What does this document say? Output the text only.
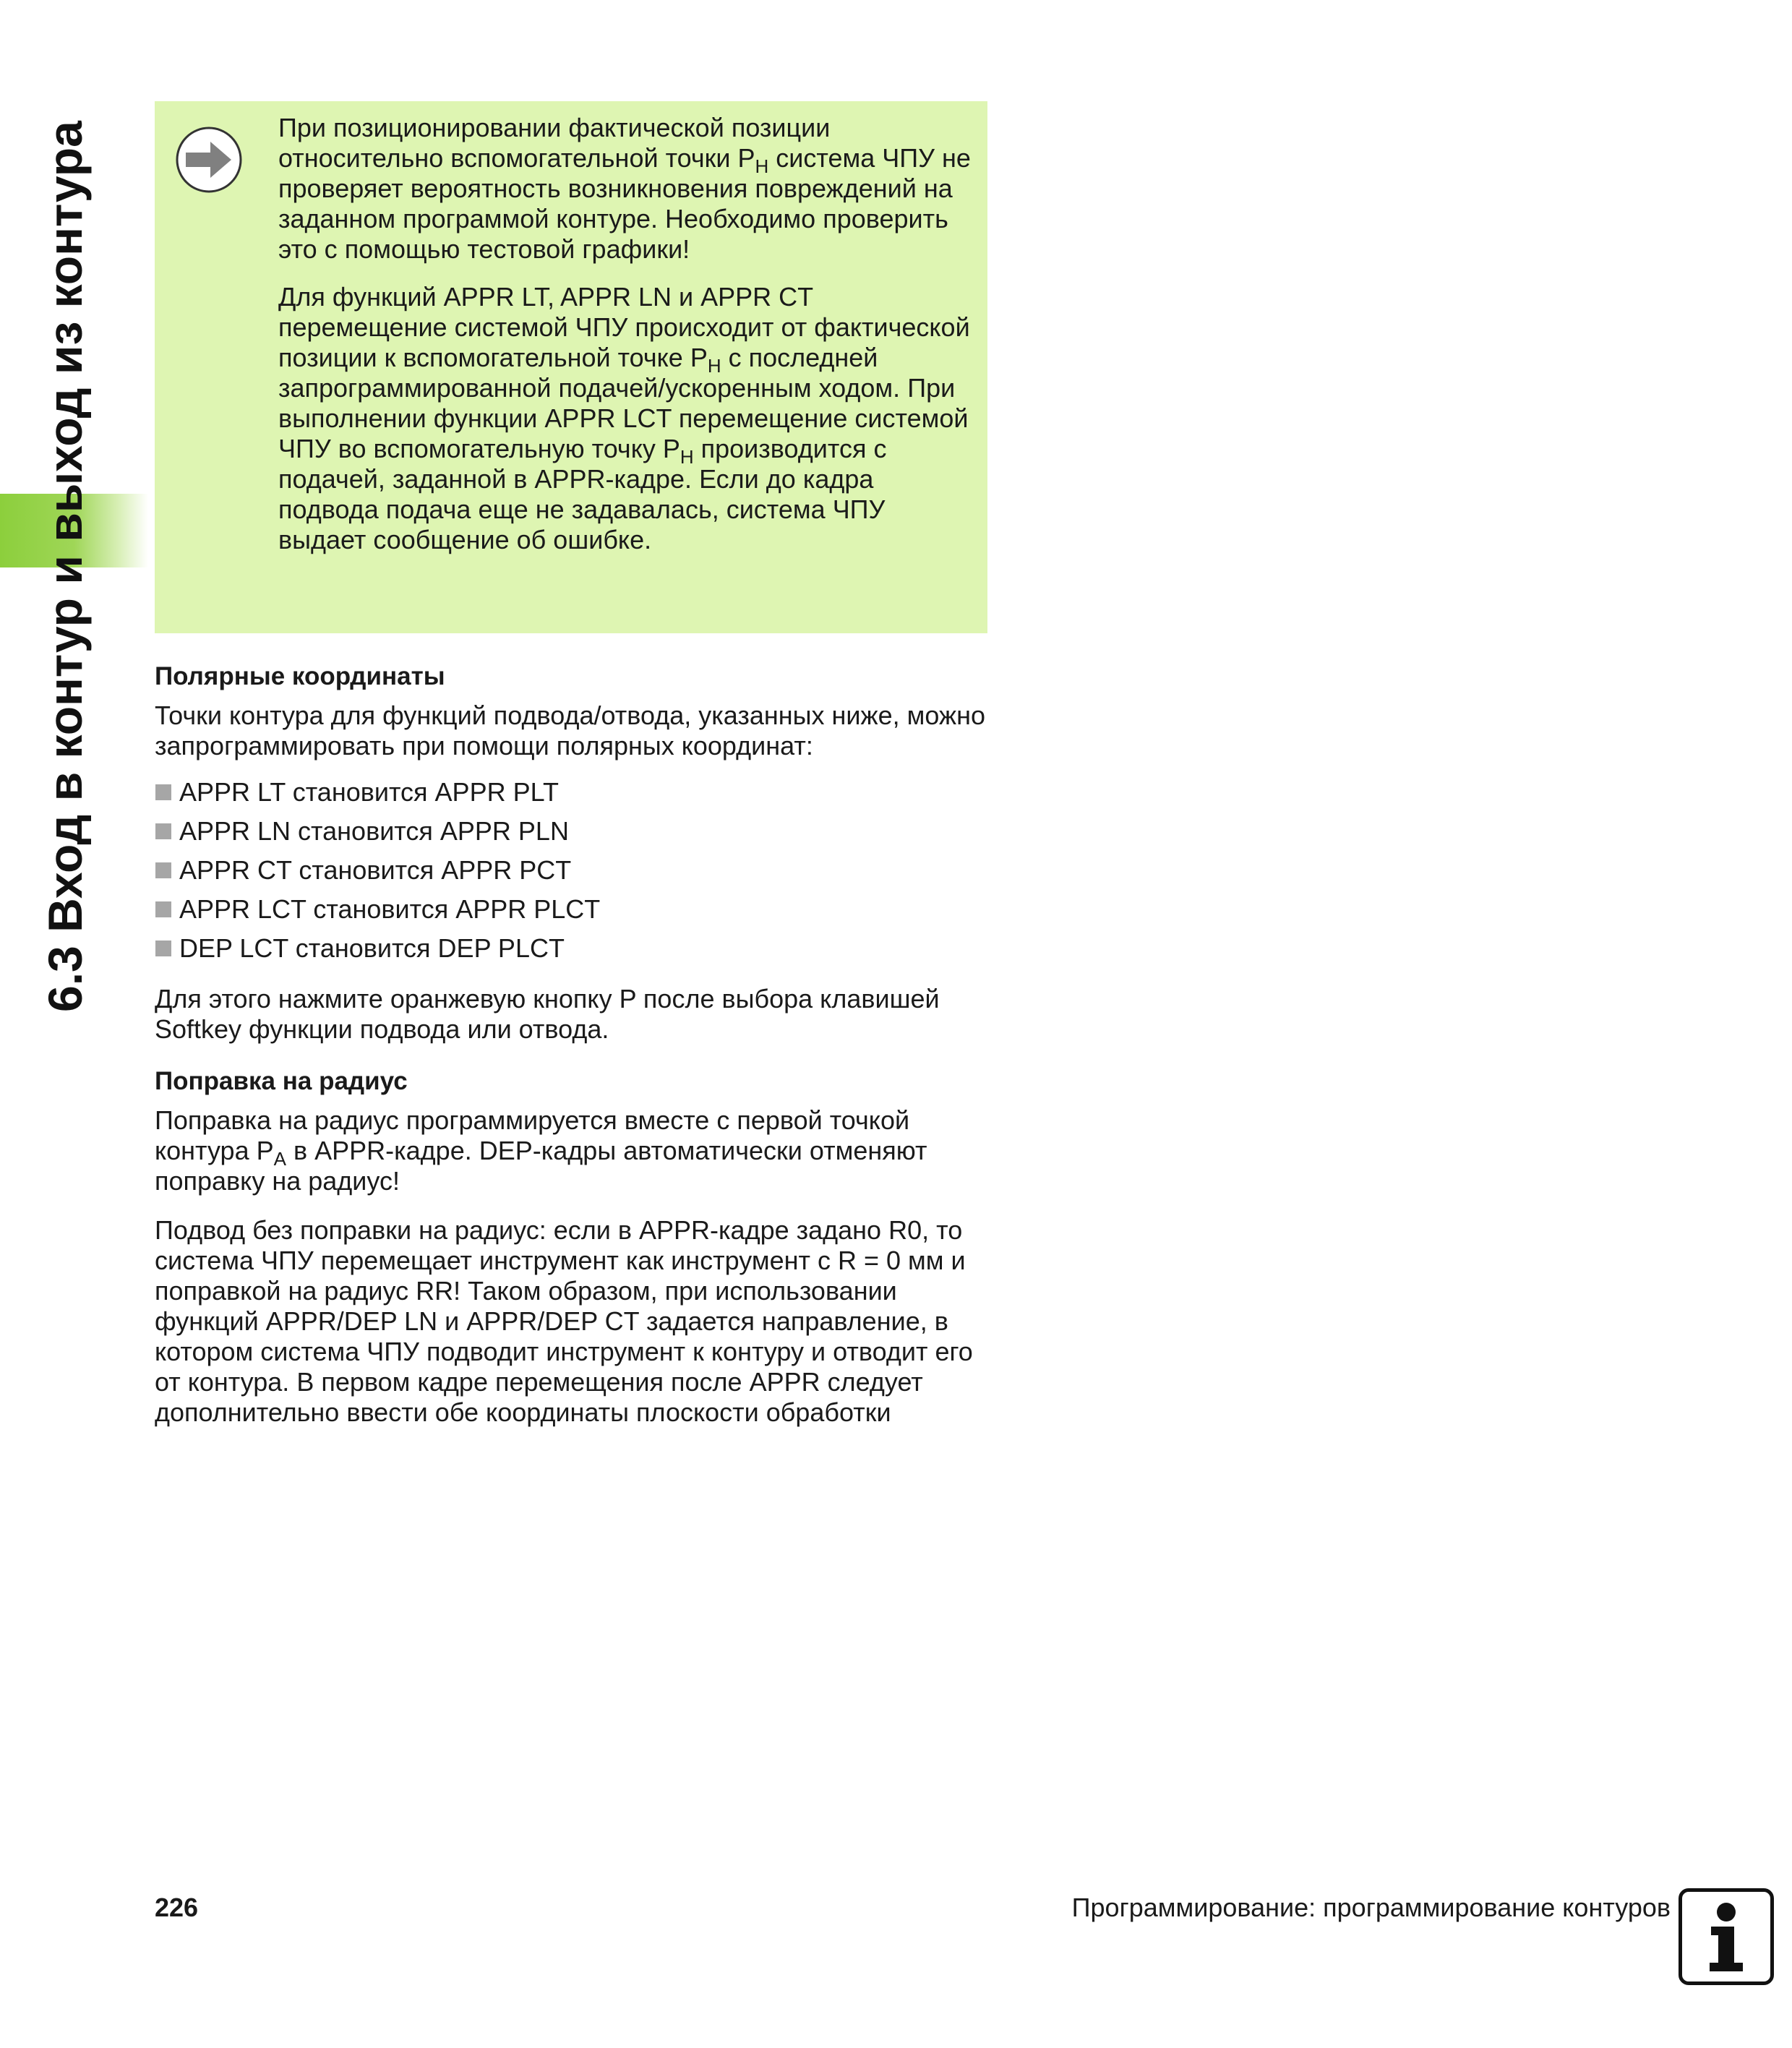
6.3 Вход в контур и выход из контура	При позиционировании фактической позиции относительно вспомогательной точки $P_H$ система ЧПУ не проверяет вероятность возникновения повреждений на заданном программой контуре. Необходимо проверить это с помощью тестовой графики!

Для функций APPR LT, APPR LN и APPR CT перемещение системой ЧПУ происходит от фактической позиции к вспомогательной точке $P_H$ с последней запрограммированной подачей/ускоренным ходом. При выполнении функции APPR LCT перемещение системой ЧПУ во вспомогательную точку $P_H$ производится с подачей, заданной в APPR-кадре. Если до кадра подвода подача еще не задавалась, система ЧПУ выдает сообщение об ошибке.

Полярные координаты

Точки контура для функций подвода/отвода, указанных ниже, можно запрограммировать при помощи полярных координат:

APPR LT становится APPR PLT
APPR LN становится APPR PLN
APPR CT становится APPR PCT
APPR LCT становится APPR PLCT
DEP LCT становится DEP PLCT

Для этого нажмите оранжевую кнопку P после выбора клавишей Softkey функции подвода или отвода.

Поправка на радиус

Поправка на радиус программируется вместе с первой точкой контура $P_A$ в APPR-кадре. DEP-кадры автоматически отменяют поправку на радиус!

Подвод без поправки на радиус: если в APPR-кадре задано R0, то система ЧПУ перемещает инструмент как инструмент с R = 0 мм и поправкой на радиус RR! Таком образом, при использовании функций APPR/DEP LN и APPR/DEP CT задается направление, в котором система ЧПУ подводит инструмент к контуру и отводит его от контура. В первом кадре перемещения после APPR следует дополнительно ввести обе координаты плоскости обработки

226	Программирование: программирование контуров
